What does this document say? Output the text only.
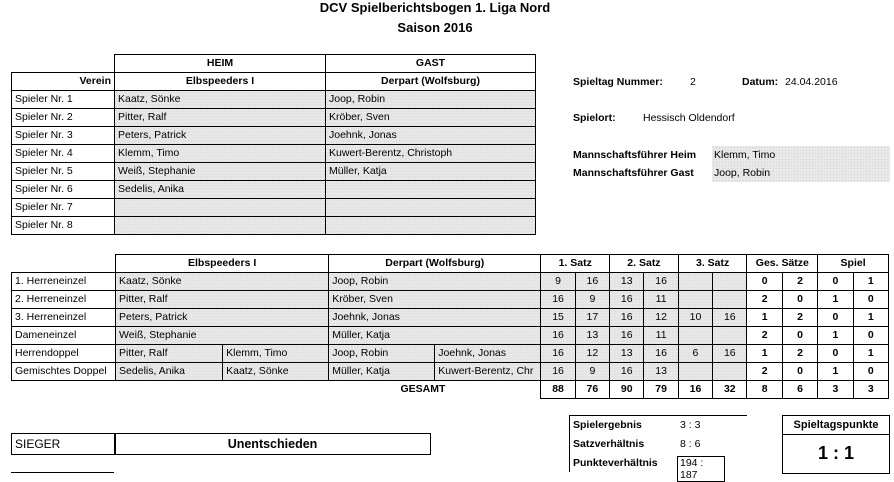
DCV Spielberichtsbogen 1. Liga Nord
Saison 2016
	HEIM	GAST
Verein	Elbspeeders I	Derpart (Wolfsburg)
Spieler Nr. 1	Kaatz, Sönke	Joop, Robin
Spieler Nr. 2	Pitter, Ralf	Kröber, Sven
Spieler Nr. 3	Peters, Patrick	Joehnk, Jonas
Spieler Nr. 4	Klemm, Timo	Kuwert-Berentz, Christoph
Spieler Nr. 5	Weiß, Stephanie	Müller, Katja
Spieler Nr. 6	Sedelis, Anika	
Spieler Nr. 7		
Spieler Nr. 8		
Spieltag Nummer:	2	Datum: 24.04.2016
Spielort:	Hessisch Oldendorf
Mannschaftsführer Heim Klemm, Timo
Mannschaftsführer Gast Joop, Robin
	Elbspeeders I		Derpart (Wolfsburg)		1. Satz		2. Satz		3. Satz		Ges. Sätze		Spiel	
1. Herreneinzel	Kaatz, Sönke		Joop, Robin		9	16	13	16			0	2	0	1
2. Herreneinzel	Pitter, Ralf		Kröber, Sven		16	9	16	11			2	0	1	0
3. Herreneinzel	Peters, Patrick		Joehnk, Jonas		15	17	16	12	10	16	1	2	0	1
Dameneinzel	Weiß, Stephanie		Müller, Katja		16	13	16	11			2	0	1	0
Herrendoppel	Pitter, Ralf	Klemm, Timo	Joop, Robin	Joehnk, Jonas	16	12	13	16	6	16	1	2	0	1
Gemischtes Doppel	Sedelis, Anika	Kaatz, Sönke	Müller, Katja	Kuwert-Berentz, Chr	16	9	16	13			2	0	1	0
GESAMT					88	76	90	79	16	32	8	6	3	3
SIEGER	Unentschieden
Spielergebnis	3 : 3
Satzverhältnis	8 : 6
Punkteverhältnis 194 : 187
Spieltagspunkte
1 : 1
